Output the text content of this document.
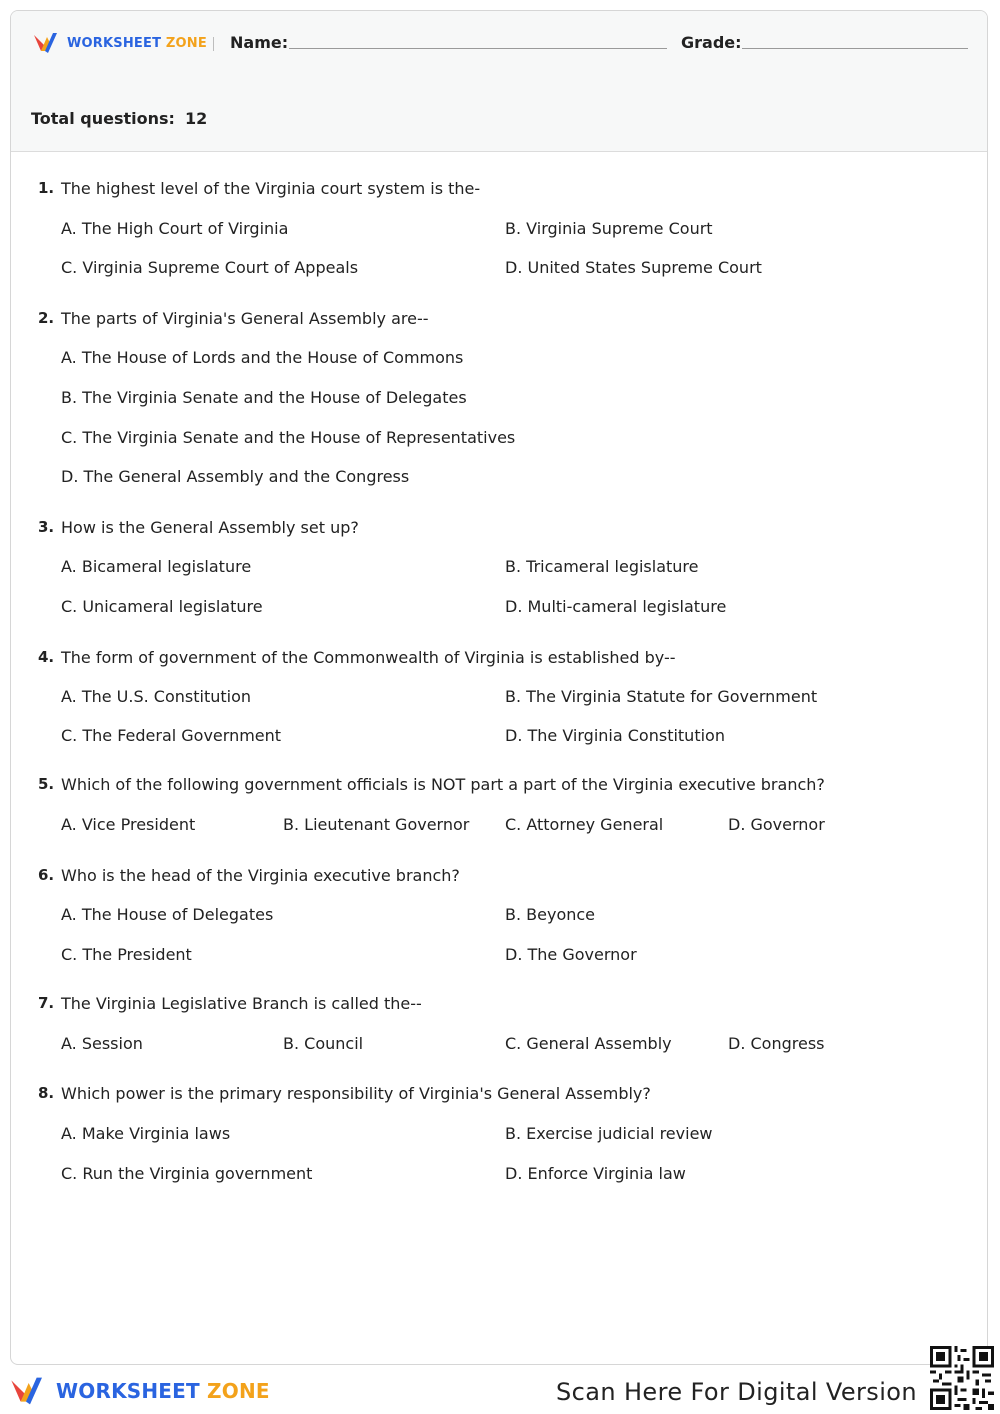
WORKSHEET ZONE Name:	Grade:
Total questions: 12
1. The highest level of the Virginia court system is the-
A. The High Court of Virginia	B. Virginia Supreme Court
C. Virginia Supreme Court of Appeals	D. United States Supreme Court
2. The parts of Virginia's General Assembly are--
A. The House of Lords and the House of Commons
B. The Virginia Senate and the House of Delegates
C. The Virginia Senate and the House of Representatives
D. The General Assembly and the Congress
3. How is the General Assembly set up?
A. Bicameral legislature	B. Tricameral legislature
C. Unicameral legislature	D. Multi-cameral legislature
4. The form of government of the Commonwealth of Virginia is established by--
A. The U.S. Constitution	B. The Virginia Statute for Government
C. The Federal Government	D. The Virginia Constitution
5. Which of the following government officials is NOT part a part of the Virginia executive branch?
A. Vice President	B. Lieutenant Governor C. Attorney General	D. Governor
6. Who is the head of the Virginia executive branch?
A. The House of Delegates	B. Beyonce
C. The President	D. The Governor
7. The Virginia Legislative Branch is called the--
A. Session	B. Council	C. General Assembly	D. Congress
8. Which power is the primary responsibility of Virginia's General Assembly?
A. Make Virginia laws	B. Exercise judicial review
C. Run the Virginia government	D. Enforce Virginia law
WORKSHEET ZONE	Scan Here For Digital Version
